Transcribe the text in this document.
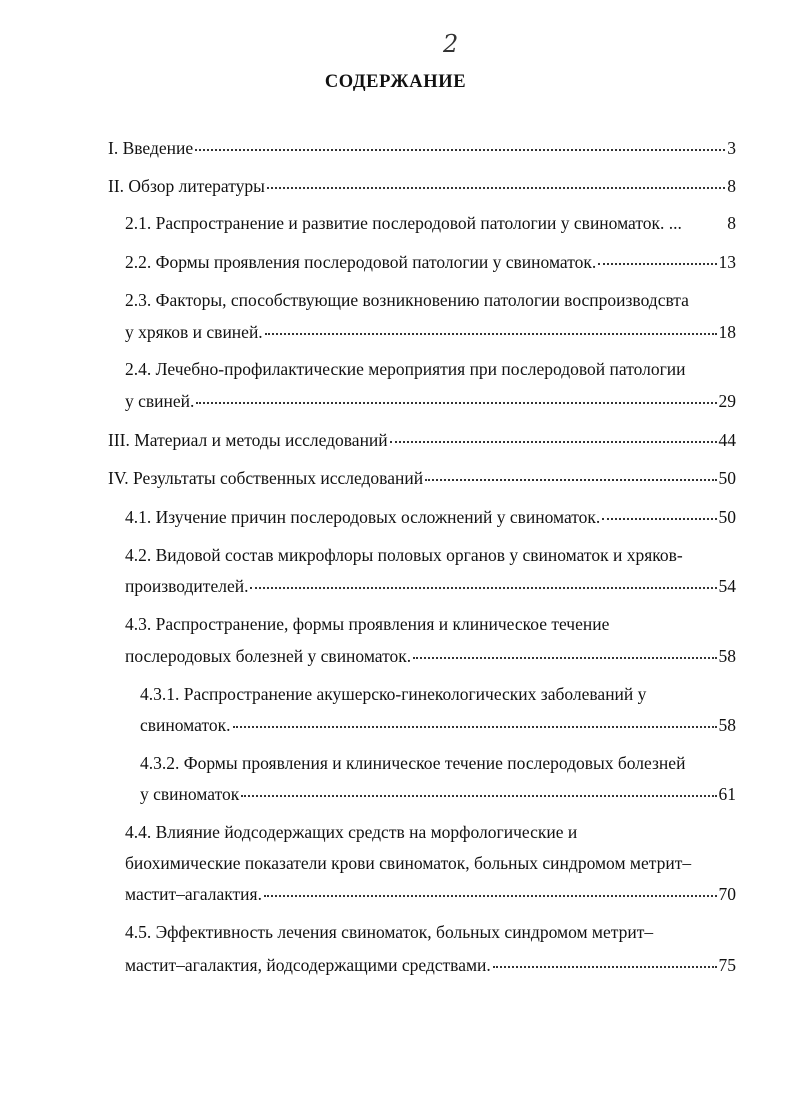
2
СОДЕРЖАНИЕ
I. Введение	3
II. Обзор литературы	8
2.1. Распространение и развитие послеродовой патологии у свиноматок. ...	8
2.2. Формы проявления послеродовой патологии у свиноматок.	13
2.3. Факторы, способствующие возникновению патологии воспроизводсвта
у хряков и свиней.	18
2.4. Лечебно-профилактические мероприятия при послеродовой патологии
у свиней.	29
III. Материал и методы исследований	44
IV. Результаты собственных исследований	50
4.1. Изучение причин послеродовых осложнений у свиноматок.	50
4.2. Видовой состав микрофлоры половых органов у свиноматок и хряков-
производителей.	54
4.3. Распространение, формы проявления и клиническое течение
послеродовых болезней у свиноматок.	58
4.3.1. Распространение акушерско-гинекологических заболеваний у
свиноматок.	58
4.3.2. Формы проявления и клиническое течение послеродовых болезней
у свиноматок	61
4.4. Влияние йодсодержащих средств на морфологические и
биохимические показатели крови свиноматок, больных синдромом метрит–
мастит–агалактия.	70
4.5. Эффективность лечения свиноматок, больных синдромом метрит–
мастит–агалактия, йодсодержащими средствами.	75
